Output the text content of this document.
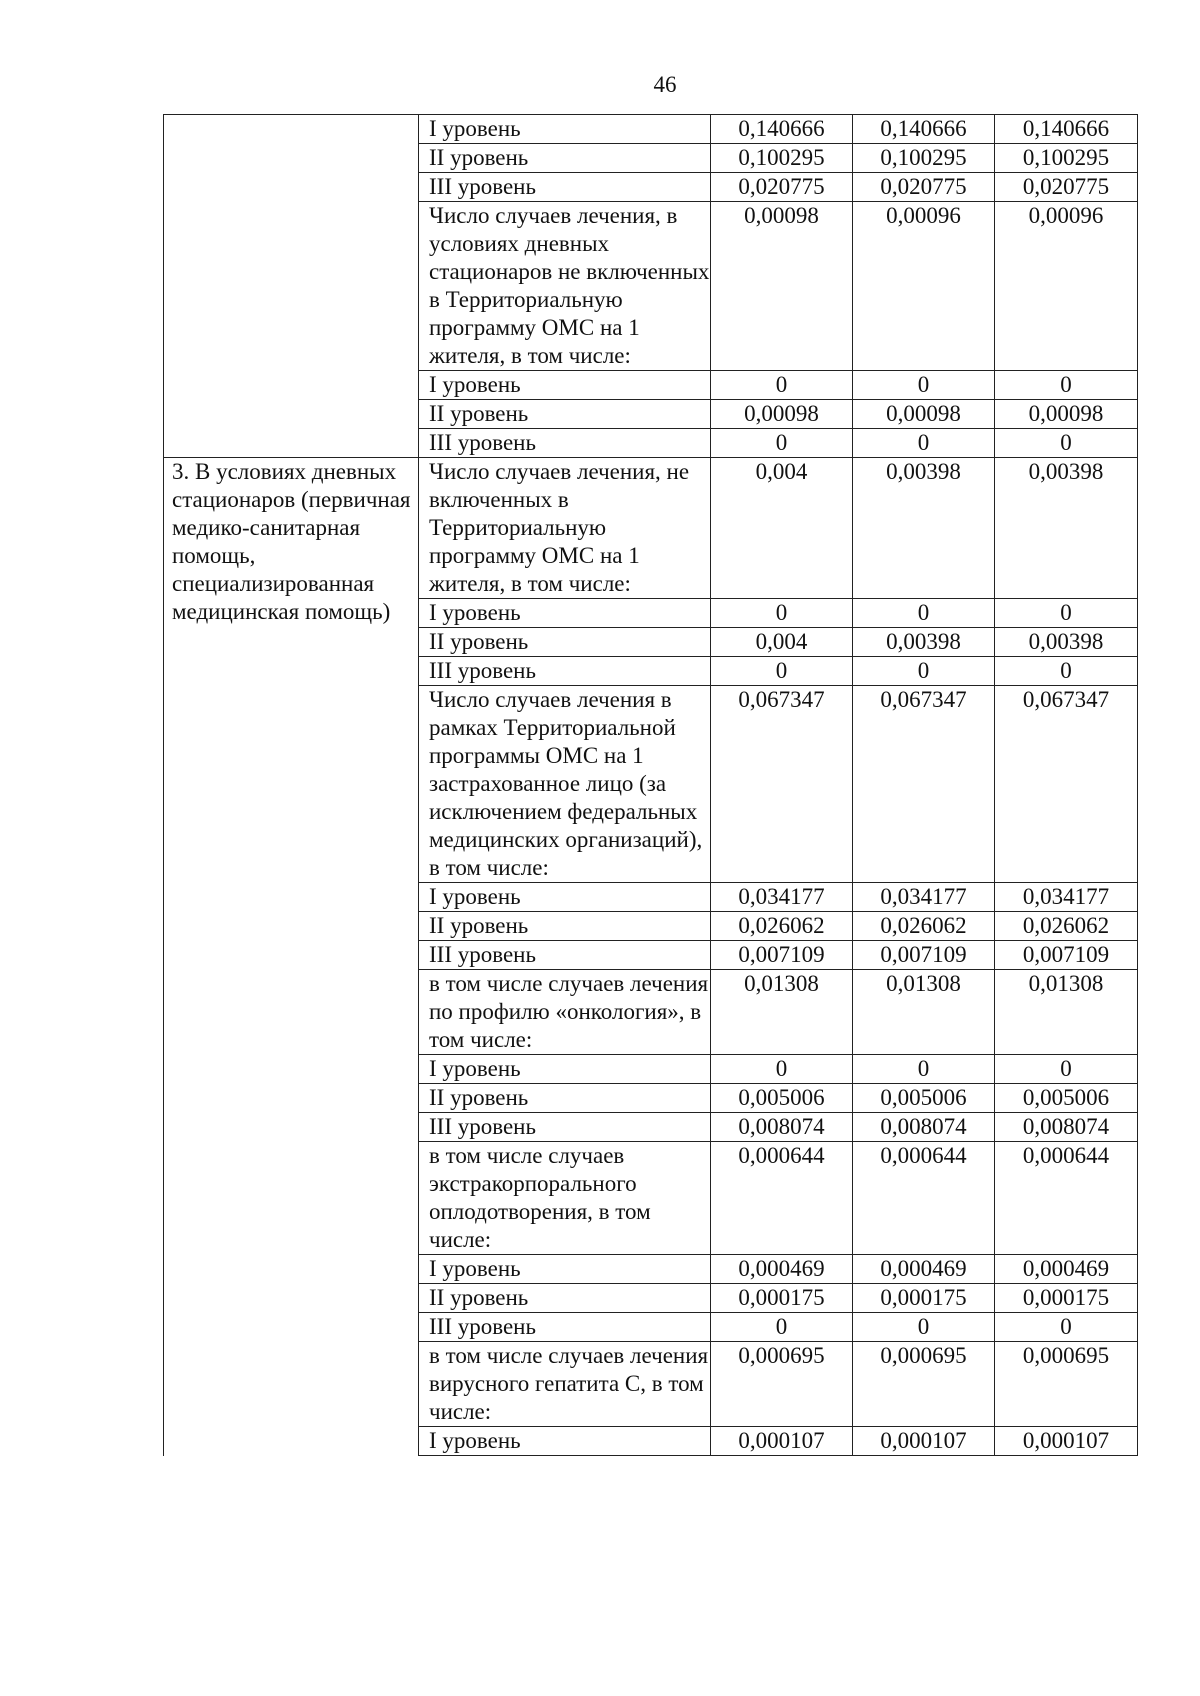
46
	I уровень	0,140666	0,140666	0,140666
	II уровень	0,100295	0,100295	0,100295
	III уровень	0,020775	0,020775	0,020775
	Число случаев лечения, в условиях дневных стационаров не включенных в Территориальную программу ОМС на 1 жителя, в том числе:	0,00098	0,00096	0,00096
	I уровень	0	0	0
	II уровень	0,00098	0,00098	0,00098
	III уровень	0	0	0
3. В условиях дневных стационаров (первичная медико-санитарная помощь, специализированная медицинская помощь)	Число случаев лечения, не включенных в Территориальную программу ОМС на 1 жителя, в том числе:	0,004	0,00398	0,00398
	I уровень	0	0	0
	II уровень	0,004	0,00398	0,00398
	III уровень	0	0	0
	Число случаев лечения в рамках Территориальной программы ОМС на 1 застрахованное лицо (за исключением федеральных медицинских организаций), в том числе:	0,067347	0,067347	0,067347
	I уровень	0,034177	0,034177	0,034177
	II уровень	0,026062	0,026062	0,026062
	III уровень	0,007109	0,007109	0,007109
	в том числе случаев лечения по профилю «онкология», в том числе:	0,01308	0,01308	0,01308
	I уровень	0	0	0
	II уровень	0,005006	0,005006	0,005006
	III уровень	0,008074	0,008074	0,008074
	в том числе случаев экстракорпорального оплодотворения, в том числе:	0,000644	0,000644	0,000644
	I уровень	0,000469	0,000469	0,000469
	II уровень	0,000175	0,000175	0,000175
	III уровень	0	0	0
	в том числе случаев лечения вирусного гепатита С, в том числе:	0,000695	0,000695	0,000695
	I уровень	0,000107	0,000107	0,000107
